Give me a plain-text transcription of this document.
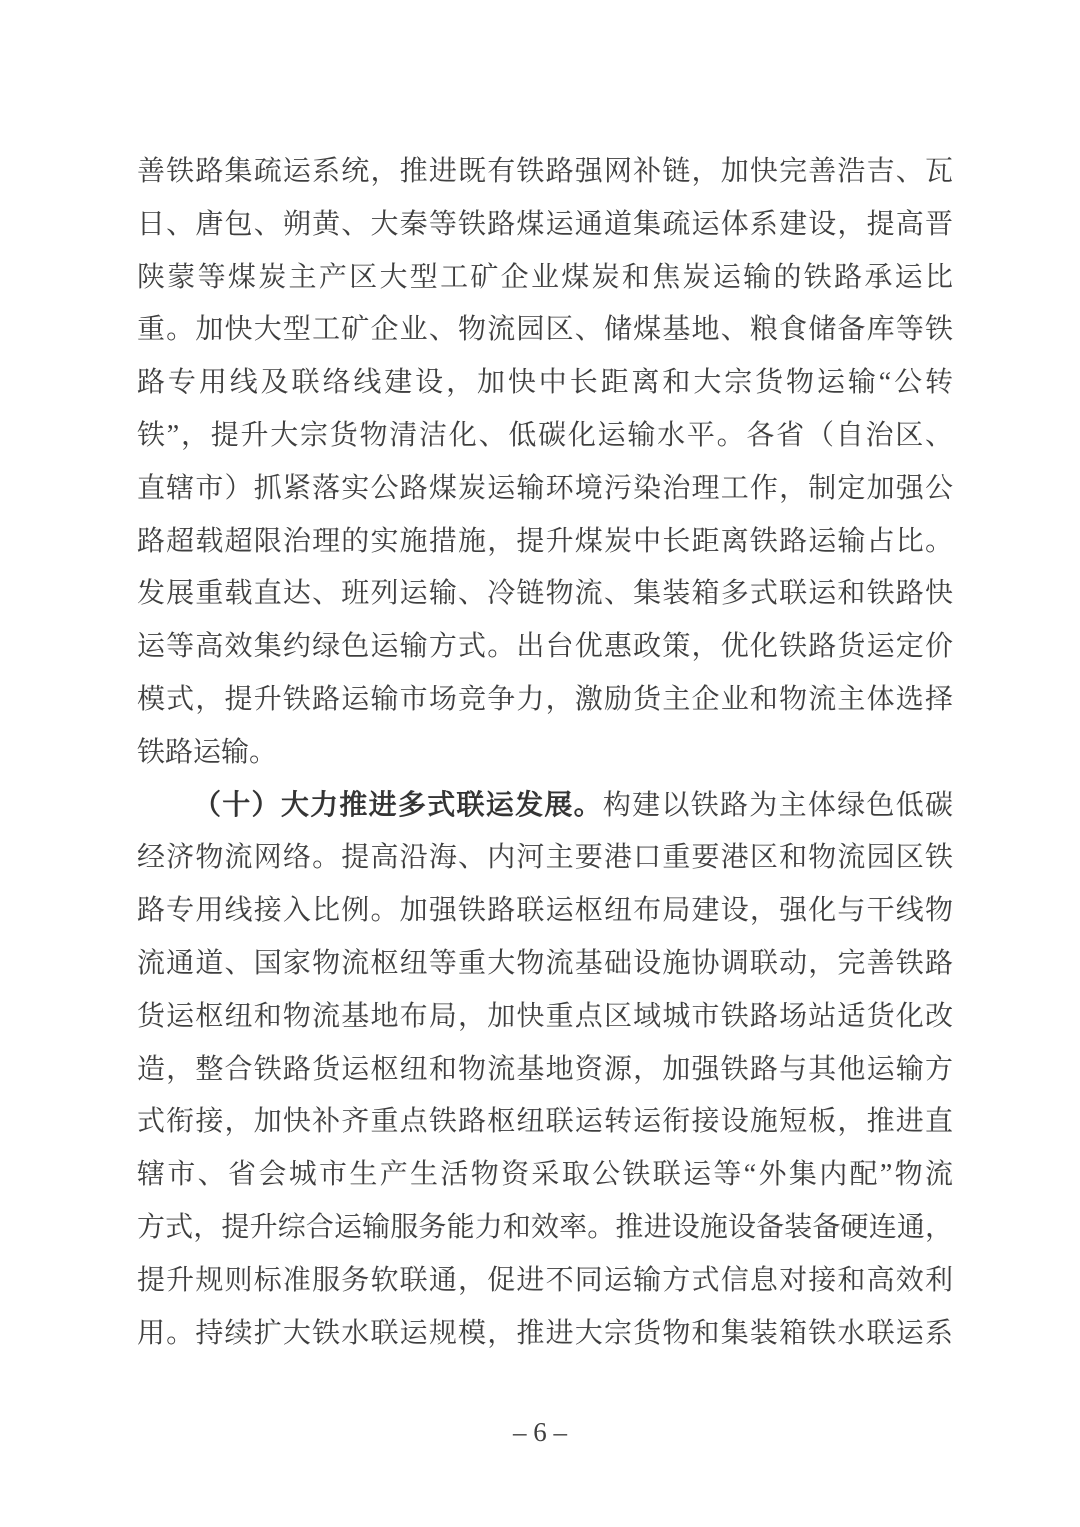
善铁路集疏运系统，推进既有铁路强网补链，加快完善浩吉、瓦
日、唐包、朔黄、大秦等铁路煤运通道集疏运体系建设，提高晋
陕蒙等煤炭主产区大型工矿企业煤炭和焦炭运输的铁路承运比
重。加快大型工矿企业、物流园区、储煤基地、粮食储备库等铁
路专用线及联络线建设，加快中长距离和大宗货物运输“公转
铁”，提升大宗货物清洁化、低碳化运输水平。各省（自治区、
直辖市）抓紧落实公路煤炭运输环境污染治理工作，制定加强公
路超载超限治理的实施措施，提升煤炭中长距离铁路运输占比。
发展重载直达、班列运输、冷链物流、集装箱多式联运和铁路快
运等高效集约绿色运输方式。出台优惠政策，优化铁路货运定价
模式，提升铁路运输市场竞争力，激励货主企业和物流主体选择
铁路运输。
（十）大力推进多式联运发展。构建以铁路为主体绿色低碳
经济物流网络。提高沿海、内河主要港口重要港区和物流园区铁
路专用线接入比例。加强铁路联运枢纽布局建设，强化与干线物
流通道、国家物流枢纽等重大物流基础设施协调联动，完善铁路
货运枢纽和物流基地布局，加快重点区域城市铁路场站适货化改
造，整合铁路货运枢纽和物流基地资源，加强铁路与其他运输方
式衔接，加快补齐重点铁路枢纽联运转运衔接设施短板，推进直
辖市、省会城市生产生活物资采取公铁联运等“外集内配”物流
方式，提升综合运输服务能力和效率。推进设施设备装备硬连通，
提升规则标准服务软联通，促进不同运输方式信息对接和高效利
用。持续扩大铁水联运规模，推进大宗货物和集装箱铁水联运系
– 6 –
